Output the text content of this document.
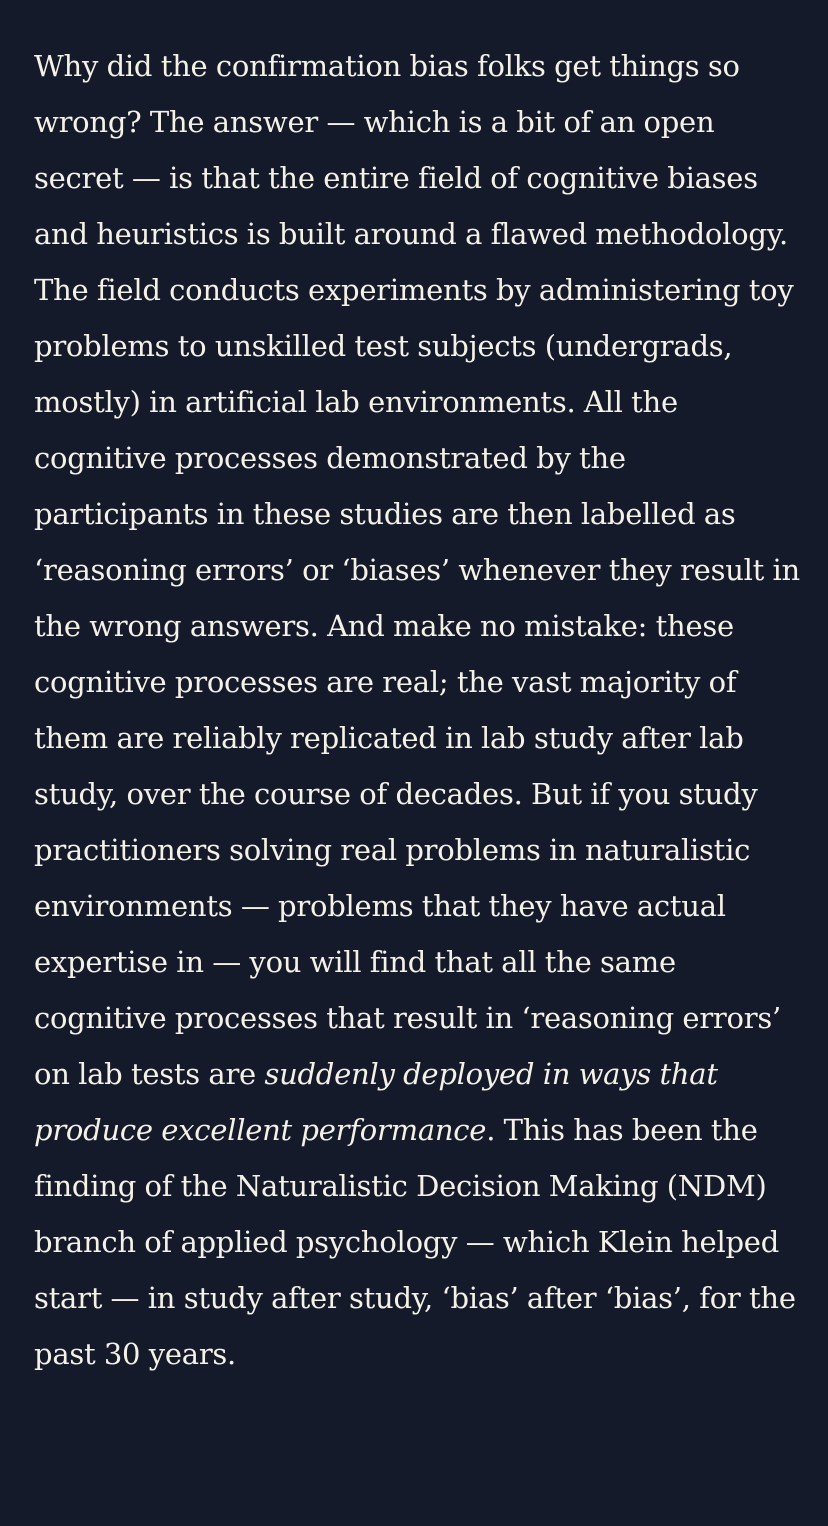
Why did the confirmation bias folks get things so wrong? The answer — which is a bit of an open secret — is that the entire field of cognitive biases and heuristics is built around a flawed methodology. The field conducts experiments by administering toy problems to unskilled test subjects (undergrads, mostly) in artificial lab environments. All the cognitive processes demonstrated by the participants in these studies are then labelled as ‘reasoning errors’ or ‘biases’ whenever they result in the wrong answers. And make no mistake: these cognitive processes are real; the vast majority of them are reliably replicated in lab study after lab study, over the course of decades. But if you study practitioners solving real problems in naturalistic environments — problems that they have actual expertise in — you will find that all the same cognitive processes that result in ‘reasoning errors’ on lab tests are suddenly deployed in ways that produce excellent performance. This has been the finding of the Naturalistic Decision Making (NDM) branch of applied psychology — which Klein helped start — in study after study, ‘bias’ after ‘bias’, for the past 30 years.
